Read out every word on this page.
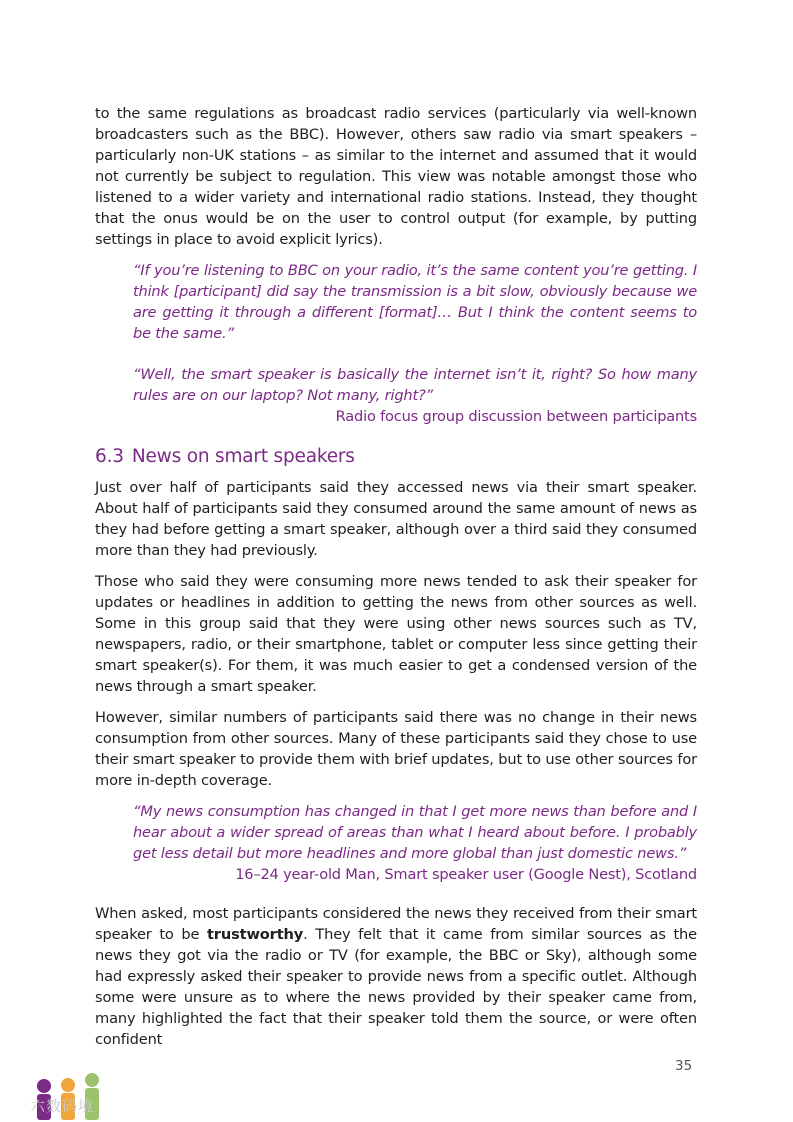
to the same regulations as broadcast radio services (particularly via well-known broadcasters such as the BBC). However, others saw radio via smart speakers – particularly non-UK stations – as similar to the internet and assumed that it would not currently be subject to regulation. This view was notable amongst those who listened to a wider variety and international radio stations. Instead, they thought that the onus would be on the user to control output (for example, by putting settings in place to avoid explicit lyrics).

“If you’re listening to BBC on your radio, it’s the same content you’re getting. I think [participant] did say the transmission is a bit slow, obviously because we are getting it through a different [format]… But I think the content seems to be the same.”

“Well, the smart speaker is basically the internet isn’t it, right? So how many rules are on our laptop? Not many, right?”

Radio focus group discussion between participants

6.3 News on smart speakers

Just over half of participants said they accessed news via their smart speaker. About half of participants said they consumed around the same amount of news as they had before getting a smart speaker, although over a third said they consumed more than they had previously.

Those who said they were consuming more news tended to ask their speaker for updates or headlines in addition to getting the news from other sources as well. Some in this group said that they were using other news sources such as TV, newspapers, radio, or their smartphone, tablet or computer less since getting their smart speaker(s). For them, it was much easier to get a condensed version of the news through a smart speaker.

However, similar numbers of participants said there was no change in their news consumption from other sources. Many of these participants said they chose to use their smart speaker to provide them with brief updates, but to use other sources for more in-depth coverage.

“My news consumption has changed in that I get more news than before and I hear about a wider spread of areas than what I heard about before. I probably get less detail but more headlines and more global than just domestic news.”

16–24 year-old Man, Smart speaker user (Google Nest), Scotland

When asked, most participants considered the news they received from their smart speaker to be trustworthy. They felt that it came from similar sources as the news they got via the radio or TV (for example, the BBC or Sky), although some had expressly asked their speaker to provide news from a specific outlet. Although some were unsure as to where the news provided by their speaker came from, many highlighted the fact that their speaker told them the source, or were often confident

35
六数码境
